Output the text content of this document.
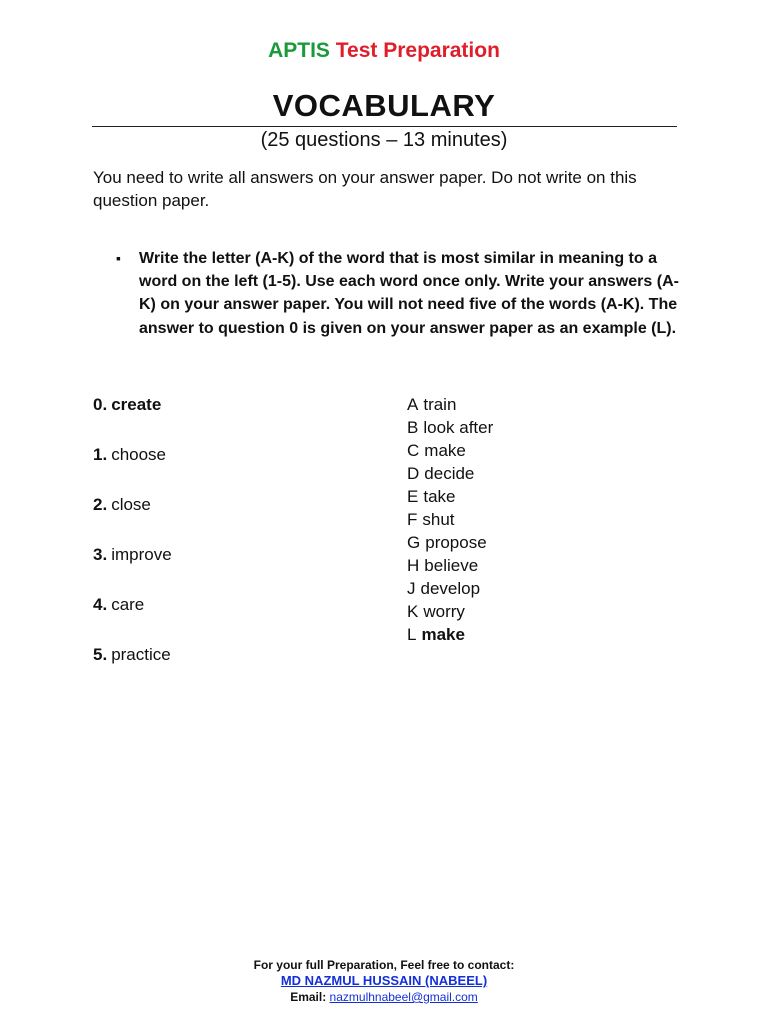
APTIS Test Preparation
VOCABULARY
(25 questions – 13 minutes)
You need to write all answers on your answer paper. Do not write on this question paper.
▪ Write the letter (A-K) of the word that is most similar in meaning to a word on the left (1-5). Use each word once only. Write your answers (A-K) on your answer paper. You will not need five of the words (A-K). The answer to question 0 is given on your answer paper as an example (L).
0. create
1. choose
2. close
3. improve
4. care
5. practice
A train
B look after
C make
D decide
E take
F shut
G propose
H believe
J develop
K worry
L make
For your full Preparation, Feel free to contact:
MD NAZMUL HUSSAIN (NABEEL)
Email: nazmulhnabeel@gmail.com
